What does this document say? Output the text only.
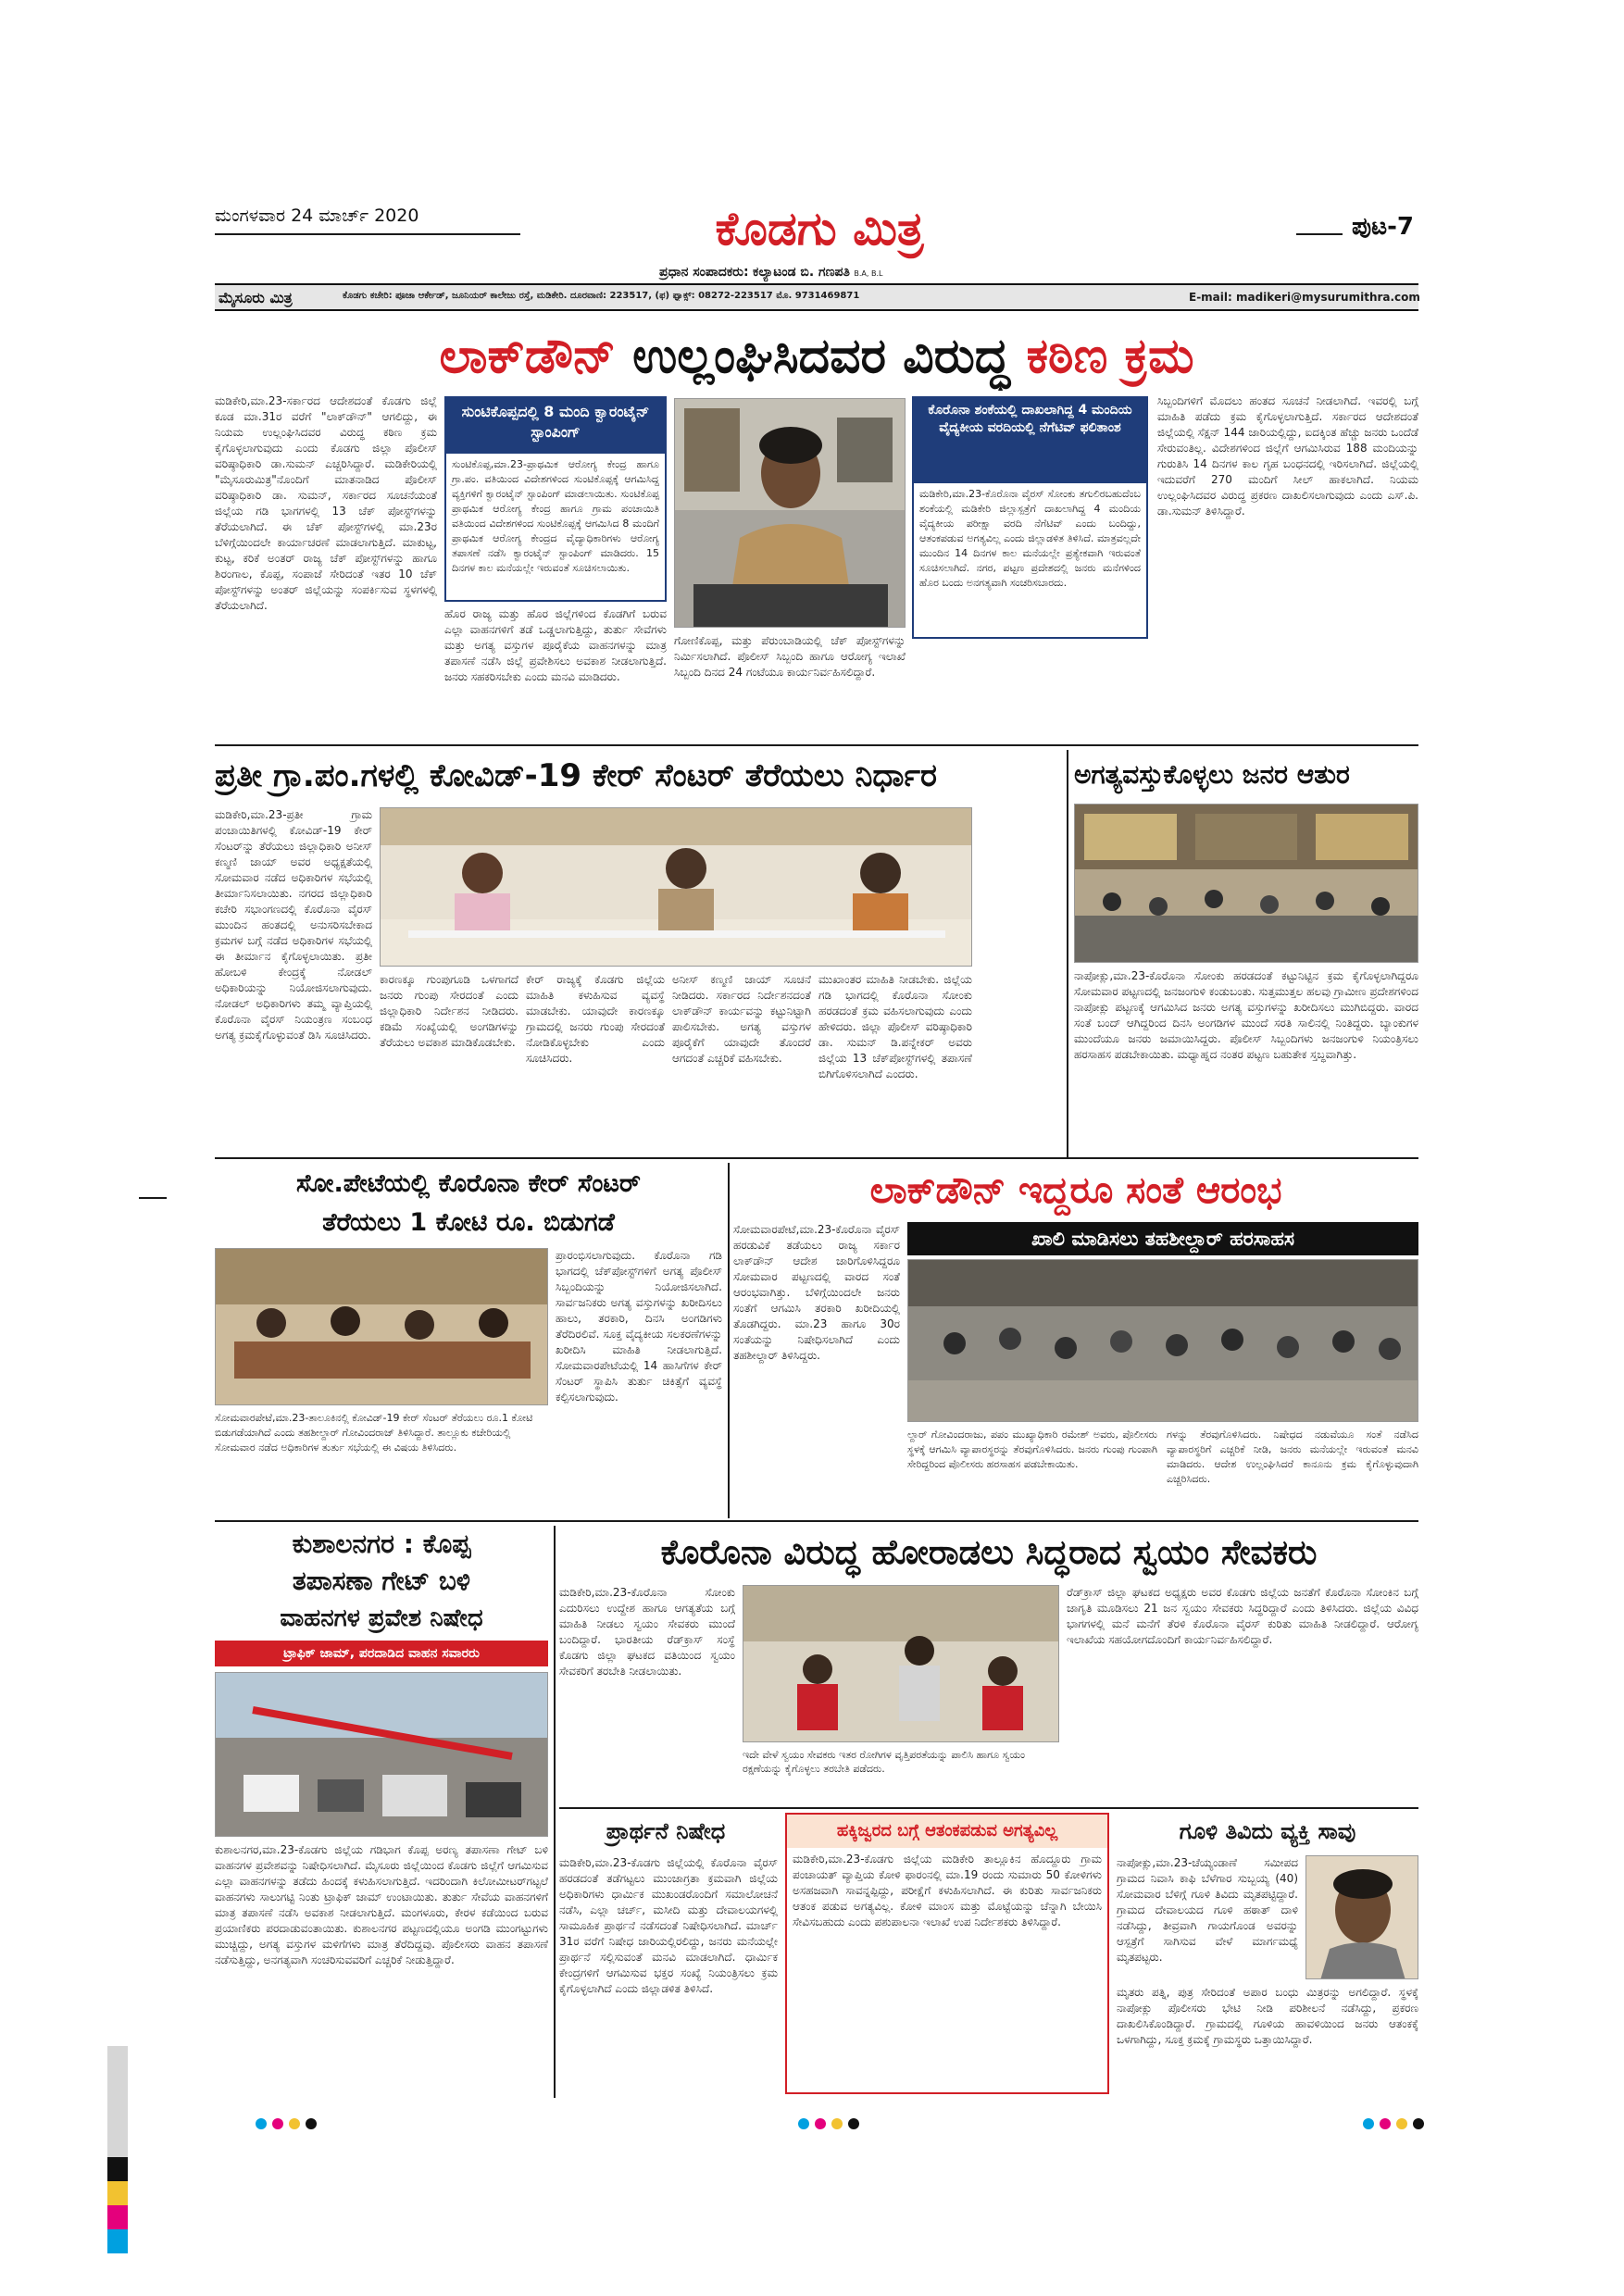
ಮಂಗಳವಾರ 24 ಮಾರ್ಚ್ 2020	ಕೊಡಗು ಮಿತ್ರ
ಪ್ರಧಾನ ಸಂಪಾದಕರು: ಕಲ್ಯಾಟಂಡ ಬಿ. ಗಣಪತಿ B.A, B.L
ಪುಟ-7
ಮೈಸೂರು ಮಿತ್ರ	ಕೊಡಗು ಕಚೇರಿ: ಪೂಜಾ ಆರ್ಕೇಡ್, ಜೂನಿಯರ್ ಕಾಲೇಜು ರಸ್ತೆ, ಮಡಿಕೇರಿ. ದೂರವಾಣಿ: 223517, (ಫ) ಫ್ಯಾಕ್ಸ್: 08272-223517 ಮೊ. 9731469871	E-mail: madikeri@mysurumithra.com
ಲಾಕ್‌ಡೌನ್ ಉಲ್ಲಂಘಿಸಿದವರ ವಿರುದ್ಧ ಕಠಿಣ ಕ್ರಮ
ಮಡಿಕೇರಿ,ಮಾ.23-ಸರ್ಕಾರದ ಆದೇಶದಂತೆ ಕೊಡಗು ಜಿಲ್ಲೆ ಕೂಡ ಮಾ.31ರ ವರೆಗೆ "ಲಾಕ್‌ಡೌನ್" ಆಗಲಿದ್ದು, ಈ ನಿಯಮ ಉಲ್ಲಂಘಿಸಿದವರ ವಿರುದ್ಧ ಕಠಿಣ ಕ್ರಮ ಕೈಗೊಳ್ಳಲಾಗುವುದು ಎಂದು ಕೊಡಗು ಜಿಲ್ಲಾ ಪೊಲೀಸ್ ವರಿಷ್ಠಾಧಿಕಾರಿ ಡಾ.ಸುಮನ್ ಎಚ್ಚರಿಸಿದ್ದಾರೆ. ಮಡಿಕೇರಿಯಲ್ಲಿ "ಮೈಸೂರುಮಿತ್ರ"ನೊಂದಿಗೆ ಮಾತನಾಡಿದ ಪೊಲೀಸ್ ವರಿಷ್ಠಾಧಿಕಾರಿ ಡಾ. ಸುಮನ್, ಸರ್ಕಾರದ ಸೂಚನೆಯಂತೆ ಜಿಲ್ಲೆಯ ಗಡಿ ಭಾಗಗಳಲ್ಲಿ 13 ಚೆಕ್ ಪೋಸ್ಟ್‌ಗಳನ್ನು ತೆರೆಯಲಾಗಿದೆ. ಈ ಚೆಕ್ ಪೋಸ್ಟ್‌ಗಳಲ್ಲಿ ಮಾ.23ರ ಬೆಳಿಗ್ಗೆಯಿಂದಲೇ ಕಾರ್ಯಾಚರಣೆ ಮಾಡಲಾಗುತ್ತಿದೆ. ಮಾಕುಟ್ಟ, ಕುಟ್ಟ, ಕರಿಕೆ ಅಂತರ್ ರಾಜ್ಯ ಚೆಕ್ ಪೋಸ್ಟ್‌ಗಳನ್ನು ಹಾಗೂ ಶಿರಂಗಾಲ, ಕೊಪ್ಪ, ಸಂಪಾಜೆ ಸೇರಿದಂತೆ ಇತರ 10 ಚೆಕ್ ಪೋಸ್ಟ್‌ಗಳನ್ನು ಅಂತರ್ ಜಿಲ್ಲೆಯನ್ನು ಸಂಪರ್ಕಿಸುವ ಸ್ಥಳಗಳಲ್ಲಿ ತೆರೆಯಲಾಗಿದೆ.
ಹೊರ ರಾಜ್ಯ ಮತ್ತು ಹೊರ ಜಿಲ್ಲೆಗಳಿಂದ ಕೊಡಗಿಗೆ ಬರುವ ಎಲ್ಲಾ ವಾಹನಗಳಿಗೆ ತಡೆ ಒಡ್ಡಲಾಗುತ್ತಿದ್ದು, ತುರ್ತು ಸೇವೆಗಳು ಮತ್ತು ಅಗತ್ಯ ವಸ್ತುಗಳ ಪೂರೈಕೆಯ ವಾಹನಗಳನ್ನು ಮಾತ್ರ ತಪಾಸಣೆ ನಡೆಸಿ ಜಿಲ್ಲೆ ಪ್ರವೇಶಿಸಲು ಅವಕಾಶ ನೀಡಲಾಗುತ್ತಿದೆ. ಜನರು ಸಹಕರಿಸಬೇಕು ಎಂದು ಮನವಿ ಮಾಡಿದರು.
ಸುಂಟಿಕೊಪ್ಪದಲ್ಲಿ 8 ಮಂದಿ ಕ್ವಾರಂಟೈನ್ ಸ್ಟಾಂಪಿಂಗ್
ಸುಂಟಿಕೊಪ್ಪ,ಮಾ.23-ಪ್ರಾಥಮಿಕ ಆರೋಗ್ಯ ಕೇಂದ್ರ ಹಾಗೂ ಗ್ರಾ.ಪಂ. ವತಿಯಿಂದ ವಿದೇಶಗಳಿಂದ ಸುಂಟಿಕೊಪ್ಪಕ್ಕೆ ಆಗಮಿಸಿದ್ದ ವ್ಯಕ್ತಿಗಳಿಗೆ ಕ್ವಾರಂಟೈನ್ ಸ್ಟಾಂಪಿಂಗ್ ಮಾಡಲಾಯಿತು. ಸುಂಟಿಕೊಪ್ಪ ಪ್ರಾಥಮಿಕ ಆರೋಗ್ಯ ಕೇಂದ್ರ ಹಾಗೂ ಗ್ರಾಮ ಪಂಚಾಯಿತಿ ವತಿಯಿಂದ ವಿದೇಶಗಳಿಂದ ಸುಂಟಿಕೊಪ್ಪಕ್ಕೆ ಆಗಮಿಸಿದ 8 ಮಂದಿಗೆ ಪ್ರಾಥಮಿಕ ಆರೋಗ್ಯ ಕೇಂದ್ರದ ವೈದ್ಯಾಧಿಕಾರಿಗಳು ಆರೋಗ್ಯ ತಪಾಸಣೆ ನಡೆಸಿ ಕ್ವಾರಂಟೈನ್ ಸ್ಟಾಂಪಿಂಗ್ ಮಾಡಿದರು. 15 ದಿನಗಳ ಕಾಲ ಮನೆಯಲ್ಲೇ ಇರುವಂತೆ ಸೂಚಿಸಲಾಯಿತು.
ಗೋಣಿಕೊಪ್ಪ, ಮತ್ತು ಪೆರುಂಬಾಡಿಯಲ್ಲಿ ಚೆಕ್ ಪೋಸ್ಟ್‌ಗಳನ್ನು ನಿರ್ಮಿಸಲಾಗಿದೆ. ಪೊಲೀಸ್ ಸಿಬ್ಬಂದಿ ಹಾಗೂ ಆರೋಗ್ಯ ಇಲಾಖೆ ಸಿಬ್ಬಂದಿ ದಿನದ 24 ಗಂಟೆಯೂ ಕಾರ್ಯನಿರ್ವಹಿಸಲಿದ್ದಾರೆ.
ಕೊರೊನಾ ಶಂಕೆಯಲ್ಲಿ ದಾಖಲಾಗಿದ್ದ 4 ಮಂದಿಯ ವೈದ್ಯಕೀಯ ವರದಿಯಲ್ಲಿ ನೆಗೆಟಿವ್ ಫಲಿತಾಂಶ
ಮಡಿಕೇರಿ,ಮಾ.23-ಕೊರೊನಾ ವೈರಸ್ ಸೋಂಕು ತಗುಲಿರಬಹುದೆಂಬ ಶಂಕೆಯಲ್ಲಿ ಮಡಿಕೇರಿ ಜಿಲ್ಲಾಸ್ಪತ್ರೆಗೆ ದಾಖಲಾಗಿದ್ದ 4 ಮಂದಿಯ ವೈದ್ಯಕೀಯ ಪರೀಕ್ಷಾ ವರದಿ ನೆಗೆಟಿವ್ ಎಂದು ಬಂದಿದ್ದು, ಆತಂಕಪಡುವ ಅಗತ್ಯವಿಲ್ಲ ಎಂದು ಜಿಲ್ಲಾಡಳಿತ ತಿಳಿಸಿದೆ. ಮಾತ್ರವಲ್ಲದೇ ಮುಂದಿನ 14 ದಿನಗಳ ಕಾಲ ಮನೆಯಲ್ಲೇ ಪ್ರತ್ಯೇಕವಾಗಿ ಇರುವಂತೆ ಸೂಚಿಸಲಾಗಿದೆ. ನಗರ, ಪಟ್ಟಣ ಪ್ರದೇಶದಲ್ಲಿ ಜನರು ಮನೆಗಳಿಂದ ಹೊರ ಬಂದು ಅನಗತ್ಯವಾಗಿ ಸಂಚರಿಸಬಾರದು.
ಸಿಬ್ಬಂದಿಗಳಿಗೆ ಮೊದಲು ಹಂತದ ಸೂಚನೆ ನೀಡಲಾಗಿದೆ. ಇವರಲ್ಲಿ ಬಗ್ಗೆ ಮಾಹಿತಿ ಪಡೆದು ಕ್ರಮ ಕೈಗೊಳ್ಳಲಾಗುತ್ತಿದೆ. ಸರ್ಕಾರದ ಆದೇಶದಂತೆ ಜಿಲ್ಲೆಯಲ್ಲಿ ಸೆಕ್ಷನ್ 144 ಜಾರಿಯಲ್ಲಿದ್ದು, ಐದಕ್ಕಿಂತ ಹೆಚ್ಚು ಜನರು ಒಂದೆಡೆ ಸೇರುವಂತಿಲ್ಲ. ವಿದೇಶಗಳಿಂದ ಜಿಲ್ಲೆಗೆ ಆಗಮಿಸಿರುವ 188 ಮಂದಿಯನ್ನು ಗುರುತಿಸಿ 14 ದಿನಗಳ ಕಾಲ ಗೃಹ ಬಂಧನದಲ್ಲಿ ಇರಿಸಲಾಗಿದೆ. ಜಿಲ್ಲೆಯಲ್ಲಿ ಇದುವರೆಗೆ 270 ಮಂದಿಗೆ ಸೀಲ್ ಹಾಕಲಾಗಿದೆ. ನಿಯಮ ಉಲ್ಲಂಘಿಸಿದವರ ವಿರುದ್ಧ ಪ್ರಕರಣ ದಾಖಲಿಸಲಾಗುವುದು ಎಂದು ಎಸ್.ಪಿ. ಡಾ.ಸುಮನ್ ತಿಳಿಸಿದ್ದಾರೆ.
ಪ್ರತೀ ಗ್ರಾ.ಪಂ.ಗಳಲ್ಲಿ ಕೋವಿಡ್-19 ಕೇರ್ ಸೆಂಟರ್ ತೆರೆಯಲು ನಿರ್ಧಾರ
ಮಡಿಕೇರಿ,ಮಾ.23-ಪ್ರತೀ ಗ್ರಾಮ ಪಂಚಾಯಿತಿಗಳಲ್ಲಿ ಕೋವಿಡ್-19 ಕೇರ್ ಸೆಂಟರ್‌ನ್ನು ತೆರೆಯಲು ಜಿಲ್ಲಾಧಿಕಾರಿ ಅನೀಸ್ ಕಣ್ಮಣಿ ಜಾಯ್ ಅವರ ಅಧ್ಯಕ್ಷತೆಯಲ್ಲಿ ಸೋಮವಾರ ನಡೆದ ಅಧಿಕಾರಿಗಳ ಸಭೆಯಲ್ಲಿ ತೀರ್ಮಾನಿಸಲಾಯಿತು. ನಗರದ ಜಿಲ್ಲಾಧಿಕಾರಿ ಕಚೇರಿ ಸಭಾಂಗಣದಲ್ಲಿ ಕೊರೊನಾ ವೈರಸ್ ಮುಂದಿನ ಹಂತದಲ್ಲಿ ಅನುಸರಿಸಬೇಕಾದ ಕ್ರಮಗಳ ಬಗ್ಗೆ ನಡೆದ ಅಧಿಕಾರಿಗಳ ಸಭೆಯಲ್ಲಿ ಈ ತೀರ್ಮಾನ ಕೈಗೊಳ್ಳಲಾಯಿತು. ಪ್ರತೀ ಹೋಬಳಿ ಕೇಂದ್ರಕ್ಕೆ ನೋಡಲ್ ಅಧಿಕಾರಿಯನ್ನು ನಿಯೋಜಿಸಲಾಗುವುದು. ನೋಡಲ್ ಅಧಿಕಾರಿಗಳು ತಮ್ಮ ವ್ಯಾಪ್ತಿಯಲ್ಲಿ ಕೊರೊನಾ ವೈರಸ್ ನಿಯಂತ್ರಣ ಸಂಬಂಧ ಅಗತ್ಯ ಕ್ರಮಕೈಗೊಳ್ಳುವಂತೆ ಡಿಸಿ ಸೂಚಿಸಿದರು.
ಕಾರಣಕ್ಕೂ ಗುಂಪುಗೂಡಿ ಒಳಗಾಗದೆ ಜನರು ಗುಂಪು ಸೇರದಂತೆ ಎಂದು ಜಿಲ್ಲಾಧಿಕಾರಿ ನಿರ್ದೇಶನ ನೀಡಿದರು. ಕಡಿಮೆ ಸಂಖ್ಯೆಯಲ್ಲಿ ಅಂಗಡಿಗಳನ್ನು ತೆರೆಯಲು ಅವಕಾಶ ಮಾಡಿಕೊಡಬೇಕು.
ಕೇರ್ ರಾಜ್ಯಕ್ಕೆ ಕೊಡಗು ಜಿಲ್ಲೆಯ ಮಾಹಿತಿ ಕಳುಹಿಸುವ ವ್ಯವಸ್ಥೆ ಮಾಡಬೇಕು. ಯಾವುದೇ ಕಾರಣಕ್ಕೂ ಗ್ರಾಮದಲ್ಲಿ ಜನರು ಗುಂಪು ಸೇರದಂತೆ ನೋಡಿಕೊಳ್ಳಬೇಕು ಎಂದು ಸೂಚಿಸಿದರು.
ಅನೀಸ್ ಕಣ್ಮಣಿ ಜಾಯ್ ಸೂಚನೆ ನೀಡಿದರು. ಸರ್ಕಾರದ ನಿರ್ದೇಶನದಂತೆ ಲಾಕ್‌ಡೌನ್ ಕಾರ್ಯವನ್ನು ಕಟ್ಟುನಿಟ್ಟಾಗಿ ಪಾಲಿಸಬೇಕು. ಅಗತ್ಯ ವಸ್ತುಗಳ ಪೂರೈಕೆಗೆ ಯಾವುದೇ ತೊಂದರೆ ಆಗದಂತೆ ಎಚ್ಚರಿಕೆ ವಹಿಸಬೇಕು.
ಮುಖಾಂತರ ಮಾಹಿತಿ ನೀಡಬೇಕು. ಜಿಲ್ಲೆಯ ಗಡಿ ಭಾಗದಲ್ಲಿ ಕೊರೊನಾ ಸೋಂಕು ಹರಡದಂತೆ ಕ್ರಮ ವಹಿಸಲಾಗುವುದು ಎಂದು ಹೇಳಿದರು. ಜಿಲ್ಲಾ ಪೊಲೀಸ್ ವರಿಷ್ಠಾಧಿಕಾರಿ ಡಾ. ಸುಮನ್ ಡಿ.ಪನ್ನೇಕರ್ ಅವರು ಜಿಲ್ಲೆಯ 13 ಚೆಕ್‌ಪೋಸ್ಟ್‌ಗಳಲ್ಲಿ ತಪಾಸಣೆ ಬಿಗಿಗೊಳಿಸಲಾಗಿದೆ ಎಂದರು.
ಅಗತ್ಯವಸ್ತುಕೊಳ್ಳಲು ಜನರ ಆತುರ
ನಾಪೋಕ್ಲು,ಮಾ.23-ಕೊರೊನಾ ಸೋಂಕು ಹರಡದಂತೆ ಕಟ್ಟುನಿಟ್ಟಿನ ಕ್ರಮ ಕೈಗೊಳ್ಳಲಾಗಿದ್ದರೂ ಸೋಮವಾರ ಪಟ್ಟಣದಲ್ಲಿ ಜನಜಂಗುಳಿ ಕಂಡುಬಂತು. ಸುತ್ತಮುತ್ತಲ ಹಲವು ಗ್ರಾಮೀಣ ಪ್ರದೇಶಗಳಿಂದ ನಾಪೋಕ್ಲು ಪಟ್ಟಣಕ್ಕೆ ಆಗಮಿಸಿದ ಜನರು ಅಗತ್ಯ ವಸ್ತುಗಳನ್ನು ಖರೀದಿಸಲು ಮುಗಿಬಿದ್ದರು. ವಾರದ ಸಂತೆ ಬಂದ್ ಆಗಿದ್ದರಿಂದ ದಿನಸಿ ಅಂಗಡಿಗಳ ಮುಂದೆ ಸರತಿ ಸಾಲಿನಲ್ಲಿ ನಿಂತಿದ್ದರು. ಬ್ಯಾಂಕುಗಳ ಮುಂದೆಯೂ ಜನರು ಜಮಾಯಿಸಿದ್ದರು. ಪೊಲೀಸ್ ಸಿಬ್ಬಂದಿಗಳು ಜನಜಂಗುಳಿ ನಿಯಂತ್ರಿಸಲು ಹರಸಾಹಸ ಪಡಬೇಕಾಯಿತು. ಮಧ್ಯಾಹ್ನದ ನಂತರ ಪಟ್ಟಣ ಬಹುತೇಕ ಸ್ತಬ್ಧವಾಗಿತ್ತು.
ಸೋ.ಪೇಟೆಯಲ್ಲಿ ಕೊರೊನಾ ಕೇರ್ ಸೆಂಟರ್
ತೆರೆಯಲು 1 ಕೋಟಿ ರೂ. ಬಿಡುಗಡೆ
ಸೋಮವಾರಪೇಟೆ,ಮಾ.23-ತಾಲೂಕಿನಲ್ಲಿ ಕೋವಿಡ್-19 ಕೇರ್ ಸೆಂಟರ್ ತೆರೆಯಲು ರೂ.1 ಕೋಟಿ ಬಿಡುಗಡೆಯಾಗಿದೆ ಎಂದು ತಹಶೀಲ್ದಾರ್ ಗೋವಿಂದರಾಜ್ ತಿಳಿಸಿದ್ದಾರೆ. ತಾಲ್ಲೂಕು ಕಚೇರಿಯಲ್ಲಿ ಸೋಮವಾರ ನಡೆದ ಅಧಿಕಾರಿಗಳ ತುರ್ತು ಸಭೆಯಲ್ಲಿ ಈ ವಿಷಯ ತಿಳಿಸಿದರು.
ಪ್ರಾರಂಭಿಸಲಾಗುವುದು. ಕೊರೊನಾ ಗಡಿ ಭಾಗದಲ್ಲಿ ಚೆಕ್‌ಪೋಸ್ಟ್‌ಗಳಿಗೆ ಅಗತ್ಯ ಪೊಲೀಸ್ ಸಿಬ್ಬಂದಿಯನ್ನು ನಿಯೋಜಿಸಲಾಗಿದೆ. ಸಾರ್ವಜನಿಕರು ಅಗತ್ಯ ವಸ್ತುಗಳನ್ನು ಖರೀದಿಸಲು ಹಾಲು, ತರಕಾರಿ, ದಿನಸಿ ಅಂಗಡಿಗಳು ತೆರೆದಿರಲಿವೆ. ಸೂಕ್ತ ವೈದ್ಯಕೀಯ ಸಲಕರಣೆಗಳನ್ನು ಖರೀದಿಸಿ ಮಾಹಿತಿ ನೀಡಲಾಗುತ್ತಿದೆ. ಸೋಮವಾರಪೇಟೆಯಲ್ಲಿ 14 ಹಾಸಿಗೆಗಳ ಕೇರ್ ಸೆಂಟರ್ ಸ್ಥಾಪಿಸಿ ತುರ್ತು ಚಿಕಿತ್ಸೆಗೆ ವ್ಯವಸ್ಥೆ ಕಲ್ಪಿಸಲಾಗುವುದು.
ಲಾಕ್‌ಡೌನ್ ಇದ್ದರೂ ಸಂತೆ ಆರಂಭ
ಸೋಮವಾರಪೇಟೆ,ಮಾ.23-ಕೊರೊನಾ ವೈರಸ್ ಹರಡುವಿಕೆ ತಡೆಯಲು ರಾಜ್ಯ ಸರ್ಕಾರ ಲಾಕ್‌ಡೌನ್ ಆದೇಶ ಜಾರಿಗೊಳಿಸಿದ್ದರೂ ಸೋಮವಾರ ಪಟ್ಟಣದಲ್ಲಿ ವಾರದ ಸಂತೆ ಆರಂಭವಾಗಿತ್ತು. ಬೆಳಿಗ್ಗೆಯಿಂದಲೇ ಜನರು ಸಂತೆಗೆ ಆಗಮಿಸಿ ತರಕಾರಿ ಖರೀದಿಯಲ್ಲಿ ತೊಡಗಿದ್ದರು. ಮಾ.23 ಹಾಗೂ 30ರ ಸಂತೆಯನ್ನು ನಿಷೇಧಿಸಲಾಗಿದೆ ಎಂದು ತಹಶೀಲ್ದಾರ್ ತಿಳಿಸಿದ್ದರು.
ಖಾಲಿ ಮಾಡಿಸಲು ತಹಶೀಲ್ದಾರ್ ಹರಸಾಹಸ
ಲ್ದಾರ್ ಗೋವಿಂದರಾಜು, ಪಪಂ ಮುಖ್ಯಾಧಿಕಾರಿ ರಮೇಶ್ ಅವರು, ಪೊಲೀಸರು ಸ್ಥಳಕ್ಕೆ ಆಗಮಿಸಿ ವ್ಯಾಪಾರಸ್ಥರನ್ನು ತೆರವುಗೊಳಿಸಿದರು. ಜನರು ಗುಂಪು ಗುಂಪಾಗಿ ಸೇರಿದ್ದರಿಂದ ಪೊಲೀಸರು ಹರಸಾಹಸ ಪಡಬೇಕಾಯಿತು.
ಗಳನ್ನು ತೆರವುಗೊಳಿಸಿದರು. ನಿಷೇಧದ ನಡುವೆಯೂ ಸಂತೆ ನಡೆಸಿದ ವ್ಯಾಪಾರಸ್ಥರಿಗೆ ಎಚ್ಚರಿಕೆ ನೀಡಿ, ಜನರು ಮನೆಯಲ್ಲೇ ಇರುವಂತೆ ಮನವಿ ಮಾಡಿದರು. ಆದೇಶ ಉಲ್ಲಂಘಿಸಿದರೆ ಕಾನೂನು ಕ್ರಮ ಕೈಗೊಳ್ಳುವುದಾಗಿ ಎಚ್ಚರಿಸಿದರು.
ಕುಶಾಲನಗರ : ಕೊಪ್ಪ
ತಪಾಸಣಾ ಗೇಟ್ ಬಳಿ
ವಾಹನಗಳ ಪ್ರವೇಶ ನಿಷೇಧ
ಟ್ರಾಫಿಕ್ ಜಾಮ್, ಪರದಾಡಿದ ವಾಹನ ಸವಾರರು
ಕುಶಾಲನಗರ,ಮಾ.23-ಕೊಡಗು ಜಿಲ್ಲೆಯ ಗಡಿಭಾಗ ಕೊಪ್ಪ ಅರಣ್ಯ ತಪಾಸಣಾ ಗೇಟ್ ಬಳಿ ವಾಹನಗಳ ಪ್ರವೇಶವನ್ನು ನಿಷೇಧಿಸಲಾಗಿದೆ. ಮೈಸೂರು ಜಿಲ್ಲೆಯಿಂದ ಕೊಡಗು ಜಿಲ್ಲೆಗೆ ಆಗಮಿಸುವ ಎಲ್ಲಾ ವಾಹನಗಳನ್ನು ತಡೆದು ಹಿಂದಕ್ಕೆ ಕಳುಹಿಸಲಾಗುತ್ತಿದೆ. ಇದರಿಂದಾಗಿ ಕಿಲೋಮೀಟರ್‌ಗಟ್ಟಲೆ ವಾಹನಗಳು ಸಾಲುಗಟ್ಟಿ ನಿಂತು ಟ್ರಾಫಿಕ್ ಜಾಮ್ ಉಂಟಾಯಿತು. ತುರ್ತು ಸೇವೆಯ ವಾಹನಗಳಿಗೆ ಮಾತ್ರ ತಪಾಸಣೆ ನಡೆಸಿ ಅವಕಾಶ ನೀಡಲಾಗುತ್ತಿದೆ. ಮಂಗಳೂರು, ಕೇರಳ ಕಡೆಯಿಂದ ಬರುವ ಪ್ರಯಾಣಿಕರು ಪರದಾಡುವಂತಾಯಿತು. ಕುಶಾಲನಗರ ಪಟ್ಟಣದಲ್ಲಿಯೂ ಅಂಗಡಿ ಮುಂಗಟ್ಟುಗಳು ಮುಚ್ಚಿದ್ದು, ಅಗತ್ಯ ವಸ್ತುಗಳ ಮಳಿಗೆಗಳು ಮಾತ್ರ ತೆರೆದಿದ್ದವು. ಪೊಲೀಸರು ವಾಹನ ತಪಾಸಣೆ ನಡೆಸುತ್ತಿದ್ದು, ಅನಗತ್ಯವಾಗಿ ಸಂಚರಿಸುವವರಿಗೆ ಎಚ್ಚರಿಕೆ ನೀಡುತ್ತಿದ್ದಾರೆ.
ಕೊರೊನಾ ವಿರುದ್ಧ ಹೋರಾಡಲು ಸಿದ್ಧರಾದ ಸ್ವಯಂ ಸೇವಕರು
ಮಡಿಕೇರಿ,ಮಾ.23-ಕೊರೊನಾ ಸೋಂಕು ಎದುರಿಸಲು ಉದ್ದೇಶ ಹಾಗೂ ಆಗತ್ಯತೆಯ ಬಗ್ಗೆ ಮಾಹಿತಿ ನೀಡಲು ಸ್ವಯಂ ಸೇವಕರು ಮುಂದೆ ಬಂದಿದ್ದಾರೆ. ಭಾರತೀಯ ರೆಡ್‌ಕ್ರಾಸ್ ಸಂಸ್ಥೆ ಕೊಡಗು ಜಿಲ್ಲಾ ಘಟಕದ ವತಿಯಿಂದ ಸ್ವಯಂ ಸೇವಕರಿಗೆ ತರಬೇತಿ ನೀಡಲಾಯಿತು.
ಇದೇ ವೇಳೆ ಸ್ವಯಂ ಸೇವಕರು ಇತರ ರೋಗಿಗಳ ವೃತ್ತಿಪರತೆಯನ್ನು ಪಾಲಿಸಿ ಹಾಗೂ ಸ್ವಯಂ ರಕ್ಷಣೆಯನ್ನು ಕೈಗೊಳ್ಳಲು ತರಬೇತಿ ಪಡೆದರು.
ರೆಡ್‌ಕ್ರಾಸ್ ಜಿಲ್ಲಾ ಘಟಕದ ಅಧ್ಯಕ್ಷರು ಅವರ ಕೊಡಗು ಜಿಲ್ಲೆಯ ಜನತೆಗೆ ಕೊರೊನಾ ಸೋಂಕಿನ ಬಗ್ಗೆ ಜಾಗೃತಿ ಮೂಡಿಸಲು 21 ಜನ ಸ್ವಯಂ ಸೇವಕರು ಸಿದ್ಧರಿದ್ದಾರೆ ಎಂದು ತಿಳಿಸಿದರು. ಜಿಲ್ಲೆಯ ವಿವಿಧ ಭಾಗಗಳಲ್ಲಿ ಮನೆ ಮನೆಗೆ ತೆರಳಿ ಕೊರೊನಾ ವೈರಸ್ ಕುರಿತು ಮಾಹಿತಿ ನೀಡಲಿದ್ದಾರೆ. ಆರೋಗ್ಯ ಇಲಾಖೆಯ ಸಹಯೋಗದೊಂದಿಗೆ ಕಾರ್ಯನಿರ್ವಹಿಸಲಿದ್ದಾರೆ.
ಪ್ರಾರ್ಥನೆ ನಿಷೇಧ
ಮಡಿಕೇರಿ,ಮಾ.23-ಕೊಡಗು ಜಿಲ್ಲೆಯಲ್ಲಿ ಕೊರೊನಾ ವೈರಸ್ ಹರಡದಂತೆ ತಡೆಗಟ್ಟಲು ಮುಂಜಾಗ್ರತಾ ಕ್ರಮವಾಗಿ ಜಿಲ್ಲೆಯ ಅಧಿಕಾರಿಗಳು ಧಾರ್ಮಿಕ ಮುಖಂಡರೊಂದಿಗೆ ಸಮಾಲೋಚನೆ ನಡೆಸಿ, ಎಲ್ಲಾ ಚರ್ಚ್, ಮಸೀದಿ ಮತ್ತು ದೇವಾಲಯಗಳಲ್ಲಿ ಸಾಮೂಹಿಕ ಪ್ರಾರ್ಥನೆ ನಡೆಸದಂತೆ ನಿಷೇಧಿಸಲಾಗಿದೆ. ಮಾರ್ಚ್ 31ರ ವರೆಗೆ ನಿಷೇಧ ಜಾರಿಯಲ್ಲಿರಲಿದ್ದು, ಜನರು ಮನೆಯಲ್ಲೇ ಪ್ರಾರ್ಥನೆ ಸಲ್ಲಿಸುವಂತೆ ಮನವಿ ಮಾಡಲಾಗಿದೆ. ಧಾರ್ಮಿಕ ಕೇಂದ್ರಗಳಿಗೆ ಆಗಮಿಸುವ ಭಕ್ತರ ಸಂಖ್ಯೆ ನಿಯಂತ್ರಿಸಲು ಕ್ರಮ ಕೈಗೊಳ್ಳಲಾಗಿದೆ ಎಂದು ಜಿಲ್ಲಾಡಳಿತ ತಿಳಿಸಿದೆ.
ಹಕ್ಕಿಜ್ವರದ ಬಗ್ಗೆ ಆತಂಕಪಡುವ ಅಗತ್ಯವಿಲ್ಲ
ಮಡಿಕೇರಿ,ಮಾ.23-ಕೊಡಗು ಜಿಲ್ಲೆಯ ಮಡಿಕೇರಿ ತಾಲ್ಲೂಕಿನ ಹೊದ್ದೂರು ಗ್ರಾಮ ಪಂಚಾಯತ್ ವ್ಯಾಪ್ತಿಯ ಕೋಳಿ ಫಾರಂನಲ್ಲಿ ಮಾ.19 ರಂದು ಸುಮಾರು 50 ಕೋಳಿಗಳು ಅಸಹಜವಾಗಿ ಸಾವನ್ನಪ್ಪಿದ್ದು, ಪರೀಕ್ಷೆಗೆ ಕಳುಹಿಸಲಾಗಿದೆ. ಈ ಕುರಿತು ಸಾರ್ವಜನಿಕರು ಆತಂಕ ಪಡುವ ಅಗತ್ಯವಿಲ್ಲ. ಕೋಳಿ ಮಾಂಸ ಮತ್ತು ಮೊಟ್ಟೆಯನ್ನು ಚೆನ್ನಾಗಿ ಬೇಯಿಸಿ ಸೇವಿಸಬಹುದು ಎಂದು ಪಶುಪಾಲನಾ ಇಲಾಖೆ ಉಪ ನಿರ್ದೇಶಕರು ತಿಳಿಸಿದ್ದಾರೆ.
ಗೂಳಿ ತಿವಿದು ವ್ಯಕ್ತಿ ಸಾವು
ನಾಪೋಕ್ಲು,ಮಾ.23-ಚೆಯ್ಯಂಡಾಣೆ ಸಮೀಪದ ಗ್ರಾಮದ ನಿವಾಸಿ ಕಾಫಿ ಬೆಳೆಗಾರ ಸುಬ್ಬಯ್ಯ (40) ಸೋಮವಾರ ಬೆಳಿಗ್ಗೆ ಗೂಳಿ ತಿವಿದು ಮೃತಪಟ್ಟಿದ್ದಾರೆ. ಗ್ರಾಮದ ದೇವಾಲಯದ ಗೂಳಿ ಹಠಾತ್ ದಾಳಿ ನಡೆಸಿದ್ದು, ತೀವ್ರವಾಗಿ ಗಾಯಗೊಂಡ ಅವರನ್ನು ಆಸ್ಪತ್ರೆಗೆ ಸಾಗಿಸುವ ವೇಳೆ ಮಾರ್ಗಮಧ್ಯೆ ಮೃತಪಟ್ಟರು.
ಮೃತರು ಪತ್ನಿ, ಪುತ್ರ ಸೇರಿದಂತೆ ಅಪಾರ ಬಂಧು ಮಿತ್ರರನ್ನು ಅಗಲಿದ್ದಾರೆ. ಸ್ಥಳಕ್ಕೆ ನಾಪೋಕ್ಲು ಪೊಲೀಸರು ಭೇಟಿ ನೀಡಿ ಪರಿಶೀಲನೆ ನಡೆಸಿದ್ದು, ಪ್ರಕರಣ ದಾಖಲಿಸಿಕೊಂಡಿದ್ದಾರೆ. ಗ್ರಾಮದಲ್ಲಿ ಗೂಳಿಯ ಹಾವಳಿಯಿಂದ ಜನರು ಆತಂಕಕ್ಕೆ ಒಳಗಾಗಿದ್ದು, ಸೂಕ್ತ ಕ್ರಮಕ್ಕೆ ಗ್ರಾಮಸ್ಥರು ಒತ್ತಾಯಿಸಿದ್ದಾರೆ.
